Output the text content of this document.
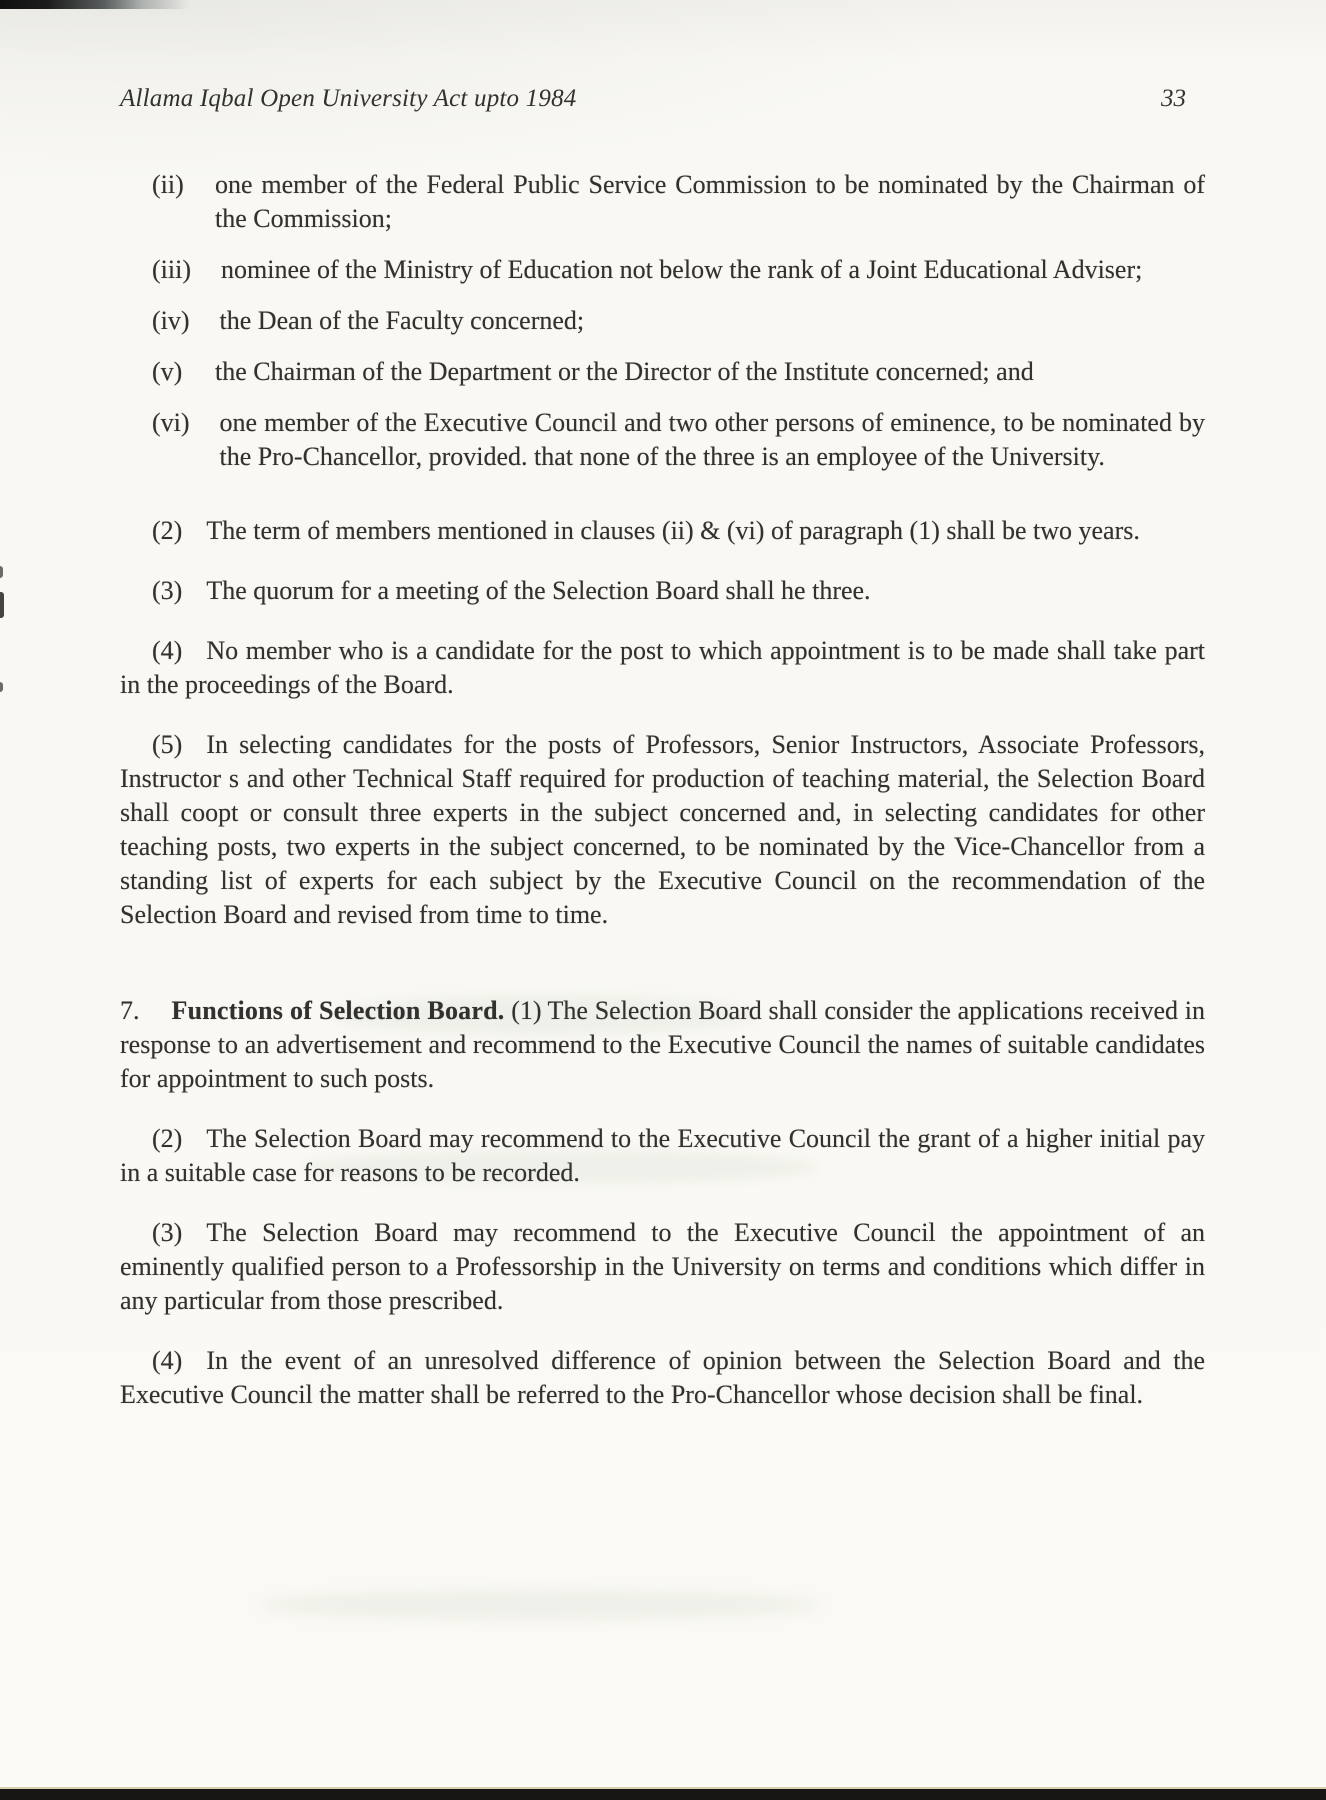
Allama Iqbal Open University Act upto 1984	33
(ii)	one member of the Federal Public Service Commission to be nominated by the Chairman of the Commission;
(iii)	nominee of the Ministry of Education not below the rank of a Joint Educational Adviser;
(iv)	the Dean of the Faculty concerned;
(v)	the Chairman of the Department or the Director of the Institute concerned; and
(vi)	one member of the Executive Council and two other persons of eminence, to be nominated by the Pro-Chancellor, provided. that none of the three is an employee of the University.

(2) The term of members mentioned in clauses (ii) & (vi) of paragraph (1) shall be two years.

(3) The quorum for a meeting of the Selection Board shall he three.

(4) No member who is a candidate for the post to which appointment is to be made shall take part in the proceedings of the Board.

(5) In selecting candidates for the posts of Professors, Senior Instructors, Associate Professors, Instructor s and other Technical Staff required for production of teaching material, the Selection Board shall coopt or consult three experts in the subject concerned and, in selecting candidates for other teaching posts, two experts in the subject concerned, to be nominated by the Vice-Chancellor from a standing list of experts for each subject by the Executive Council on the recommendation of the Selection Board and revised from time to time.

7. Functions of Selection Board. (1) The Selection Board shall consider the applications received in response to an advertisement and recommend to the Executive Council the names of suitable candidates for appointment to such posts.

(2) The Selection Board may recommend to the Executive Council the grant of a higher initial pay in a suitable case for reasons to be recorded.

(3) The Selection Board may recommend to the Executive Council the appointment of an eminently qualified person to a Professorship in the University on terms and conditions which differ in any particular from those prescribed.

(4) In the event of an unresolved difference of opinion between the Selection Board and the Executive Council the matter shall be referred to the Pro-Chancellor whose decision shall be final.
